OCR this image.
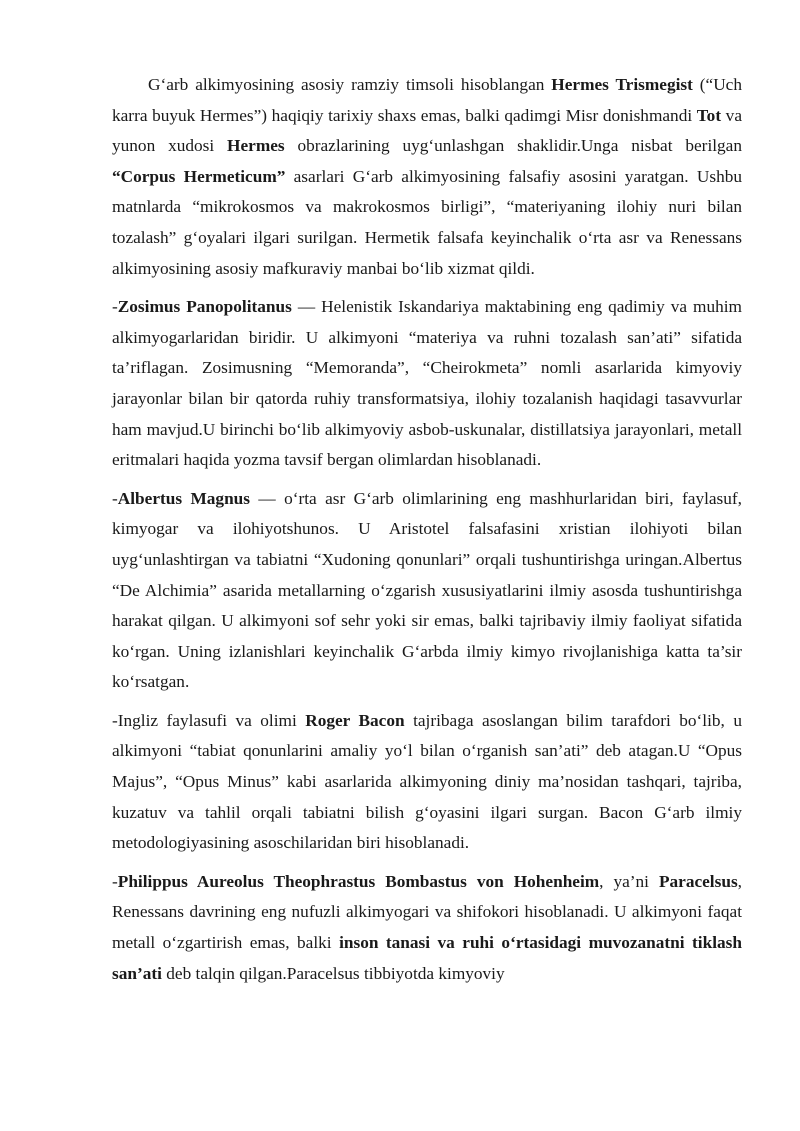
G‘arb alkimyosining asosiy ramziy timsoli hisoblangan Hermes Trismegist (“Uch karra buyuk Hermes”) haqiqiy tarixiy shaxs emas, balki qadimgi Misr donishmandi Tot va yunon xudosi Hermes obrazlarining uyg‘unlashgan shaklidir.Unga nisbat berilgan “Corpus Hermeticum” asarlari G‘arb alkimyosining falsafiy asosini yaratgan. Ushbu matnlarda “mikrokosmos va makrokosmos birligi”, “materiyaning ilohiy nuri bilan tozalash” g‘oyalari ilgari surilgan. Hermetik falsafa keyinchalik o‘rta asr va Renessans alkimyosining asosiy mafkuraviy manbai bo‘lib xizmat qildi.

-Zosimus Panopolitanus — Helenistik Iskandariya maktabining eng qadimiy va muhim alkimyogarlaridan biridir. U alkimyoni “materiya va ruhni tozalash san’ati” sifatida ta’riflagan. Zosimusning “Memoranda”, “Cheirokmeta” nomli asarlarida kimyoviy jarayonlar bilan bir qatorda ruhiy transformatsiya, ilohiy tozalanish haqidagi tasavvurlar ham mavjud.U birinchi bo‘lib alkimyoviy asbob-uskunalar, distillatsiya jarayonlari, metall eritmalari haqida yozma tavsif bergan olimlardan hisoblanadi.

-Albertus Magnus — o‘rta asr G‘arb olimlarining eng mashhurlaridan biri, faylasuf, kimyogar va ilohiyotshunos. U Aristotel falsafasini xristian ilohiyoti bilan uyg‘unlashtirgan va tabiatni “Xudoning qonunlari” orqali tushuntirishga uringan.Albertus “De Alchimia” asarida metallarning o‘zgarish xususiyatlarini ilmiy asosda tushuntirishga harakat qilgan. U alkimyoni sof sehr yoki sir emas, balki tajribaviy ilmiy faoliyat sifatida ko‘rgan. Uning izlanishlari keyinchalik G‘arbda ilmiy kimyo rivojlanishiga katta ta’sir ko‘rsatgan.

-Ingliz faylasufi va olimi Roger Bacon tajribaga asoslangan bilim tarafdori bo‘lib, u alkimyoni “tabiat qonunlarini amaliy yo‘l bilan o‘rganish san’ati” deb atagan.U “Opus Majus”, “Opus Minus” kabi asarlarida alkimyoning diniy ma’nosidan tashqari, tajriba, kuzatuv va tahlil orqali tabiatni bilish g‘oyasini ilgari surgan. Bacon G‘arb ilmiy metodologiyasining asoschilaridan biri hisoblanadi.

-Philippus Aureolus Theophrastus Bombastus von Hohenheim, ya’ni Paracelsus, Renessans davrining eng nufuzli alkimyogari va shifokori hisoblanadi. U alkimyoni faqat metall o‘zgartirish emas, balki inson tanasi va ruhi o‘rtasidagi muvozanatni tiklash san’ati deb talqin qilgan.Paracelsus tibbiyotda kimyoviy
